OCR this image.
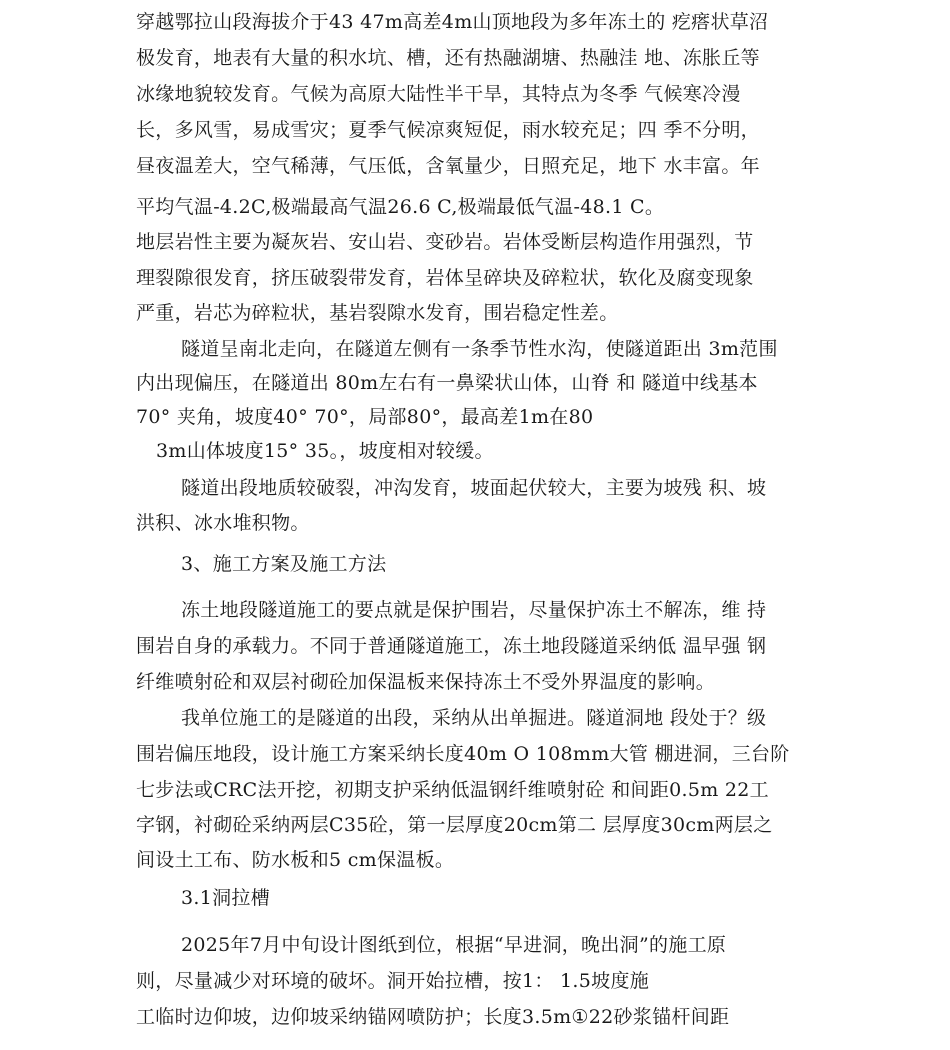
穿越鄂拉山段海拔介于43 47m高差4m山顶地段为多年冻土的 疙瘩状草沼
极发育，地表有大量的积水坑、槽，还有热融湖塘、热融洼 地、冻胀丘等
冰缘地貌较发育。气候为高原大陆性半干旱，其特点为冬季 气候寒冷漫
长，多风雪，易成雪灾；夏季气候凉爽短促，雨水较充足；四 季不分明，
昼夜温差大，空气稀薄，气压低，含氧量少，日照充足，地下 水丰富。年
平均气温-4.2C,极端最高气温26.6 C,极端最低气温-48.1 C。
地层岩性主要为凝灰岩、安山岩、变砂岩。岩体受断层构造作用强烈，节
理裂隙很发育，挤压破裂带发育，岩体呈碎块及碎粒状，软化及腐变现象
严重，岩芯为碎粒状，基岩裂隙水发育，围岩稳定性差。
隧道呈南北走向，在隧道左侧有一条季节性水沟，使隧道距出 3m范围
内出现偏压，在隧道出 80m左右有一鼻梁状山体，山脊 和 隧道中线基本
70° 夹角，坡度40° 70°，局部80°，最高差1m在80
3m山体坡度15° 35。，坡度相对较缓。
隧道出段地质较破裂，冲沟发育，坡面起伏较大，主要为坡残 积、坡
洪积、冰水堆积物。
3、施工方案及施工方法
冻土地段隧道施工的要点就是保护围岩，尽量保护冻土不解冻，维 持
围岩自身的承载力。不同于普通隧道施工，冻土地段隧道采纳低 温早强 钢
纤维喷射砼和双层衬砌砼加保温板来保持冻土不受外界温度的影响。
我单位施工的是隧道的出段，采纳从出单掘进。隧道洞地 段处于？级
围岩偏压地段，设计施工方案采纳长度40m O 108mm大管 棚进洞，三台阶
七步法或CRC法开挖，初期支护采纳低温钢纤维喷射砼 和间距0.5m 22工
字钢，衬砌砼采纳两层C35砼，第一层厚度20cm第二 层厚度30cm两层之
间设土工布、防水板和5 cm保温板。
3.1洞拉槽
2025年7月中旬设计图纸到位，根据“早进洞，晚出洞”的施工原
则，尽量减少对环境的破坏。洞开始拉槽，按1： 1.5坡度施
工临时边仰坡，边仰坡采纳锚网喷防护；长度3.5m①22砂浆锚杆间距
